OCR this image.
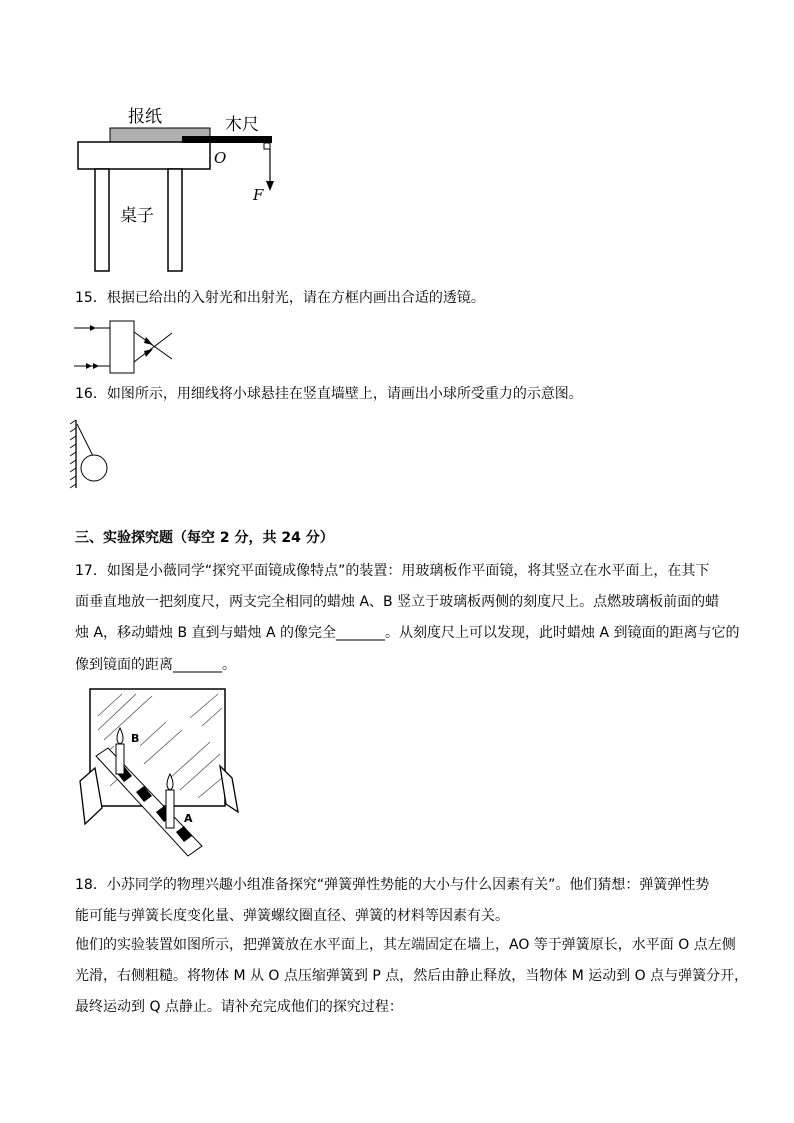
报纸	木尺
O
F
桌子
15．根据已给出的入射光和出射光，请在方框内画出合适的透镜。
16．如图所示，用细线将小球悬挂在竖直墙壁上，请画出小球所受重力的示意图。
三、实验探究题（每空 2 分，共 24 分）
17．如图是小薇同学“探究平面镜成像特点”的装置：用玻璃板作平面镜，将其竖立在水平面上，在其下
面垂直地放一把刻度尺，两支完全相同的蜡烛 A、B 竖立于玻璃板两侧的刻度尺上。点燃玻璃板前面的蜡
烛 A，移动蜡烛 B 直到与蜡烛 A 的像完全_______。从刻度尺上可以发现，此时蜡烛 A 到镜面的距离与它的
像到镜面的距离_______。
B
A
18．小苏同学的物理兴趣小组准备探究“弹簧弹性势能的大小与什么因素有关”。他们猜想：弹簧弹性势
能可能与弹簧长度变化量、弹簧螺纹圈直径、弹簧的材料等因素有关。
他们的实验装置如图所示，把弹簧放在水平面上，其左端固定在墙上，AO 等于弹簧原长，水平面 O 点左侧
光滑，右侧粗糙。将物体 M 从 O 点压缩弹簧到 P 点，然后由静止释放，当物体 M 运动到 O 点与弹簧分开，
最终运动到 Q 点静止。请补充完成他们的探究过程：
